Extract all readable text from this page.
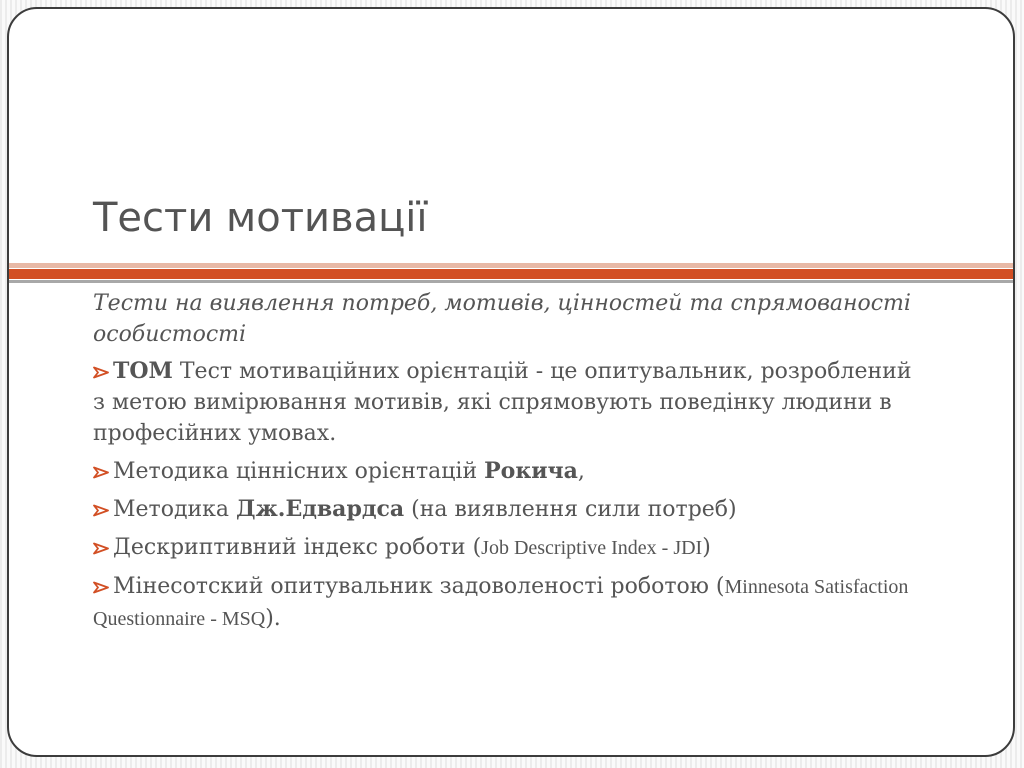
Тести мотивації

Тести на виявлення потреб, мотивів, цінностей та спрямованості особистості

ТОМ Тест мотиваційних орієнтацій - це опитувальник, розроблений з метою вимірювання мотивів, які спрямовують поведінку людини в професійних умовах.

Методика ціннісних орієнтацій Рокича,

Методика Дж.Едвардса (на виявлення сили потреб)

Дескриптивний індекс роботи (Job Descriptive Index - JDI)

Мінесотский опитувальник задоволеності роботою (Minnesota Satisfaction Questionnaire - MSQ).
